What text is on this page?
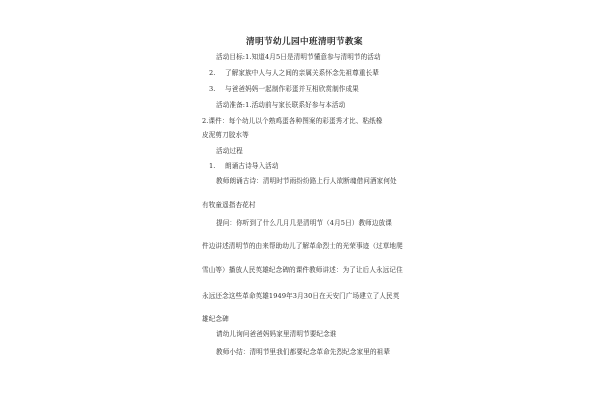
清明节幼儿园中班清明节教案
活动目标:1.知道4月5日是清明节懂意参与清明节的活动
2. 了解家族中人与人之间的亲属关系怀念先祖尊重长辈
3. 与爸爸妈妈一起制作彩蛋并互相欣赏制作成果
活动准备:1.活动前与家长联系好参与本活动
2.课件：每个幼儿以个熟鸡蛋各种图案的彩蛋秀才比、粘纸橡
皮泥剪刀胶水等
活动过程
1. 朗诵古诗导入活动
教师朗诵古诗：清明时节雨纷纷路上行人欲断魂借问酒家何处
有牧童遥指杏花村
提问：你听到了什么几月几是清明节（4月5日）教师边放课
件边讲述清明节的由来帮助幼儿了解革命烈士的光荣事迹（过草地爬
雪山等）播放人民英雄纪念碑的课件教师讲述：为了让后人永远记住
永远还念这些革命英雄1949年3月30日在天安门广场建立了人民英
雄纪念碑
请幼儿询问爸爸妈妈家里清明节要纪念谁
教师小结：清明节里我们都要纪念革命先烈纪念家里的祖辈
